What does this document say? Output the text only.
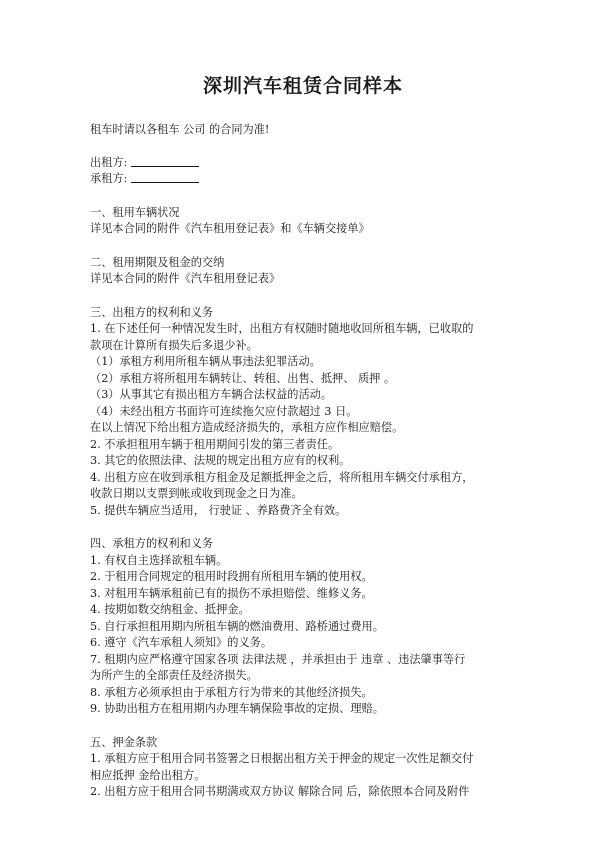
深圳汽车租赁合同样本
租车时请以各租车 公司 的合同为准!
出租方:
承租方:
一、租用车辆状况
详见本合同的附件《汽车租用登记表》和《车辆交接单》
二、租用期限及租金的交纳
详见本合同的附件《汽车租用登记表》
三、出租方的权利和义务
1. 在下述任何一种情况发生时，出租方有权随时随地收回所租车辆，已收取的
款项在计算所有损失后多退少补。
（1）承租方利用所租车辆从事违法犯罪活动。
（2）承租方将所租用车辆转让、转租、出售、抵押、 质押 。
（3）从事其它有损出租方车辆合法权益的活动。
（4）未经出租方书面许可连续拖欠应付款超过 3 日。
在以上情况下给出租方造成经济损失的，承租方应作相应赔偿。
2. 不承担租用车辆于租用期间引发的第三者责任。
3. 其它的依照法律、法规的规定出租方应有的权利。
4. 出租方应在收到承租方租金及足额抵押金之后，将所租用车辆交付承租方，
收款日期以支票到帐或收到现金之日为准。
5. 提供车辆应当适用， 行驶证 、养路费齐全有效。
四、承租方的权利和义务
1. 有权自主选择欲租车辆。
2. 于租用合同规定的租用时段拥有所租用车辆的使用权。
3. 对租用车辆承租前已有的损伤不承担赔偿、维修义务。
4. 按期如数交纳租金、抵押金。
5. 自行承担租用期内所租车辆的燃油费用、路桥通过费用。
6. 遵守《汽车承租人须知》的义务。
7. 租期内应严格遵守国家各项 法律法规 ，并承担由于 违章 、违法肇事等行
为所产生的全部责任及经济损失。
8. 承租方必须承担由于承租方行为带来的其他经济损失。
9. 协助出租方在租用期内办理车辆保险事故的定损、理赔。
五、押金条款
1. 承租方应于租用合同书签署之日根据出租方关于押金的规定一次性足额交付
相应抵押 金给出租方。
2. 出租方应于租用合同书期满或双方协议 解除合同 后，除依照本合同及附件
